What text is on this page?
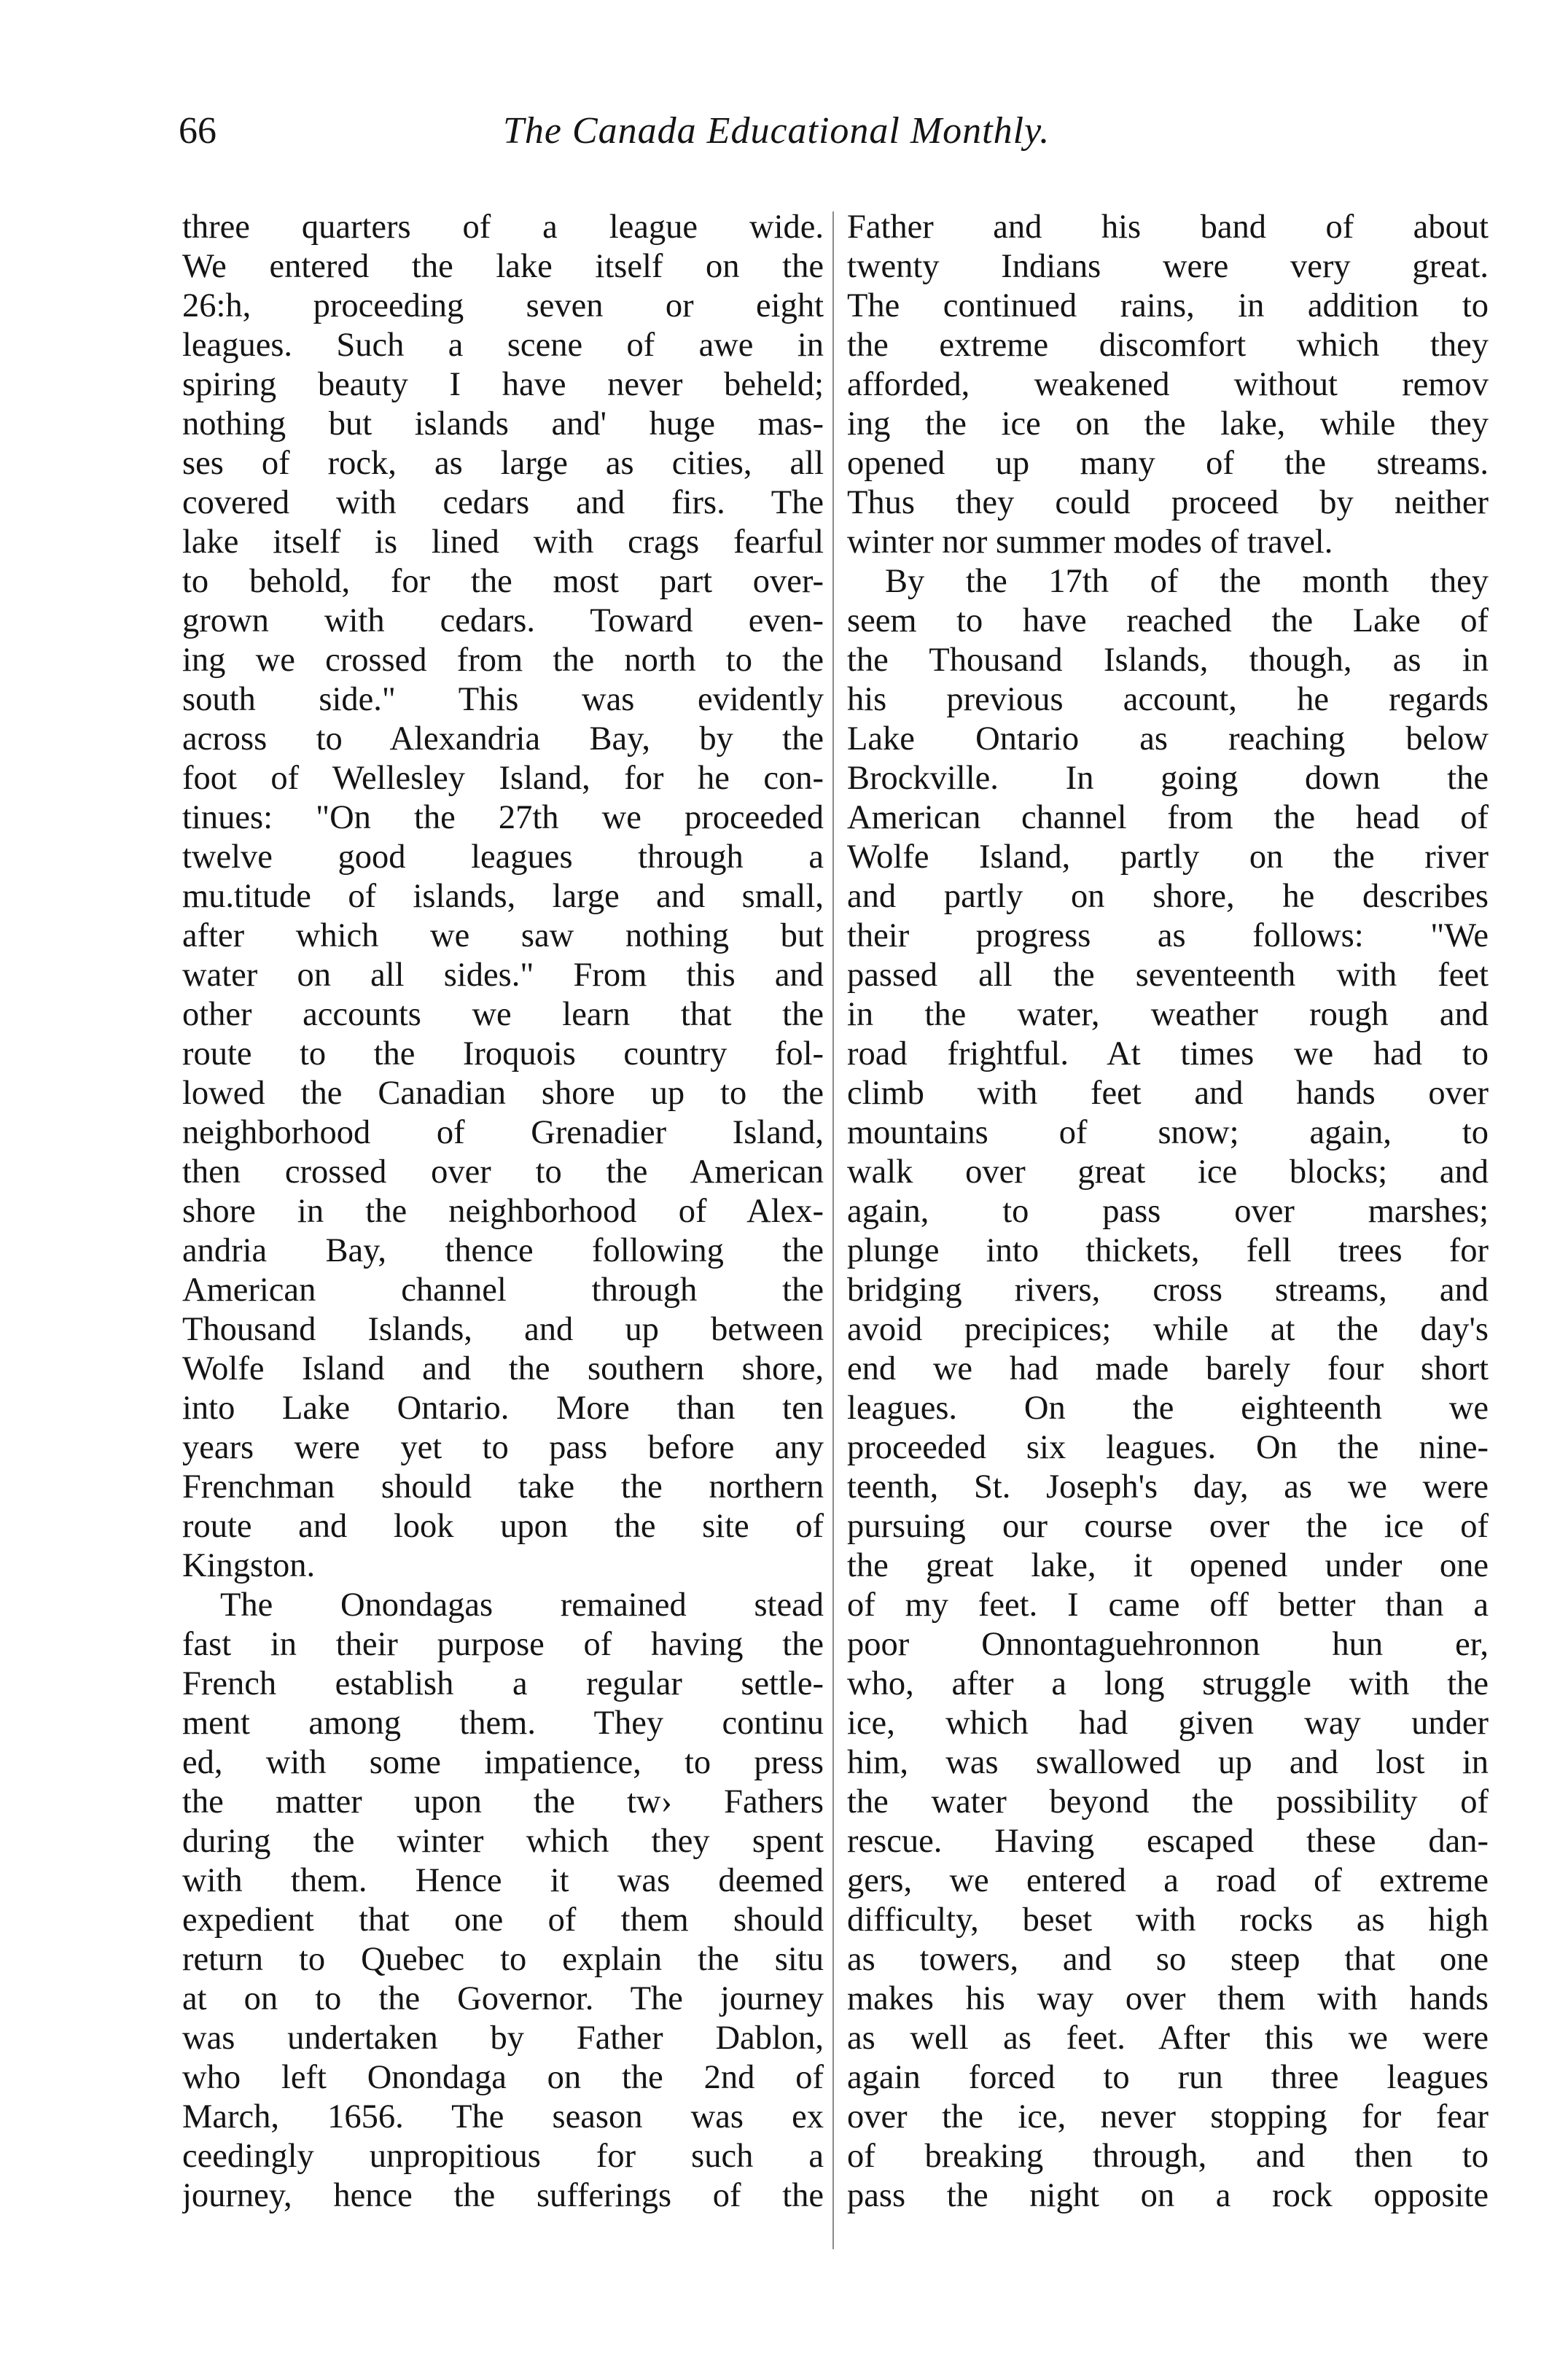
66	The Canada Educational Monthly.
three quarters of a league wide.
We entered the lake itself on the
26:h, proceeding seven or eight
leagues. Such a scene of awe in
spiring beauty I have never beheld;
nothing but islands and' huge mas-
ses of rock, as large as cities, all
covered with cedars and firs. The
lake itself is lined with crags fearful
to behold, for the most part over-
grown with cedars. Toward even-
ing we crossed from the north to the
south side." This was evidently
across to Alexandria Bay, by the
foot of Wellesley Island, for he con-
tinues: "On the 27th we proceeded
twelve good leagues through a
mu.titude of islands, large and small,
after which we saw nothing but
water on all sides." From this and
other accounts we learn that the
route to the Iroquois country fol-
lowed the Canadian shore up to the
neighborhood of Grenadier Island,
then crossed over to the American
shore in the neighborhood of Alex-
andria Bay, thence following the
American channel through the
Thousand Islands, and up between
Wolfe Island and the southern shore,
into Lake Ontario. More than ten
years were yet to pass before any
Frenchman should take the northern
route and look upon the site of
Kingston.
The Onondagas remained stead
fast in their purpose of having the
French establish a regular settle-
ment among them. They continu
ed, with some impatience, to press
the matter upon the tw› Fathers
during the winter which they spent
with them. Hence it was deemed
expedient that one of them should
return to Quebec to explain the situ
at on to the Governor. The journey
was undertaken by Father Dablon,
who left Onondaga on the 2nd of
March, 1656. The season was ex
ceedingly unpropitious for such a
journey, hence the sufferings of the
Father and his band of about
twenty Indians were very great.
The continued rains, in addition to
the extreme discomfort which they
afforded, weakened without remov
ing the ice on the lake, while they
opened up many of the streams.
Thus they could proceed by neither
winter nor summer modes of travel.
By the 17th of the month they
seem to have reached the Lake of
the Thousand Islands, though, as in
his previous account, he regards
Lake Ontario as reaching below
Brockville. In going down the
American channel from the head of
Wolfe Island, partly on the river
and partly on shore, he describes
their progress as follows: "We
passed all the seventeenth with feet
in the water, weather rough and
road frightful. At times we had to
climb with feet and hands over
mountains of snow; again, to
walk over great ice blocks; and
again, to pass over marshes;
plunge into thickets, fell trees for
bridging rivers, cross streams, and
avoid precipices; while at the day's
end we had made barely four short
leagues. On the eighteenth we
proceeded six leagues. On the nine-
teenth, St. Joseph's day, as we were
pursuing our course over the ice of
the great lake, it opened under one
of my feet. I came off better than a
poor Onnontaguehronnon hun er,
who, after a long struggle with the
ice, which had given way under
him, was swallowed up and lost in
the water beyond the possibility of
rescue. Having escaped these dan-
gers, we entered a road of extreme
difficulty, beset with rocks as high
as towers, and so steep that one
makes his way over them with hands
as well as feet. After this we were
again forced to run three leagues
over the ice, never stopping for fear
of breaking through, and then to
pass the night on a rock opposite
